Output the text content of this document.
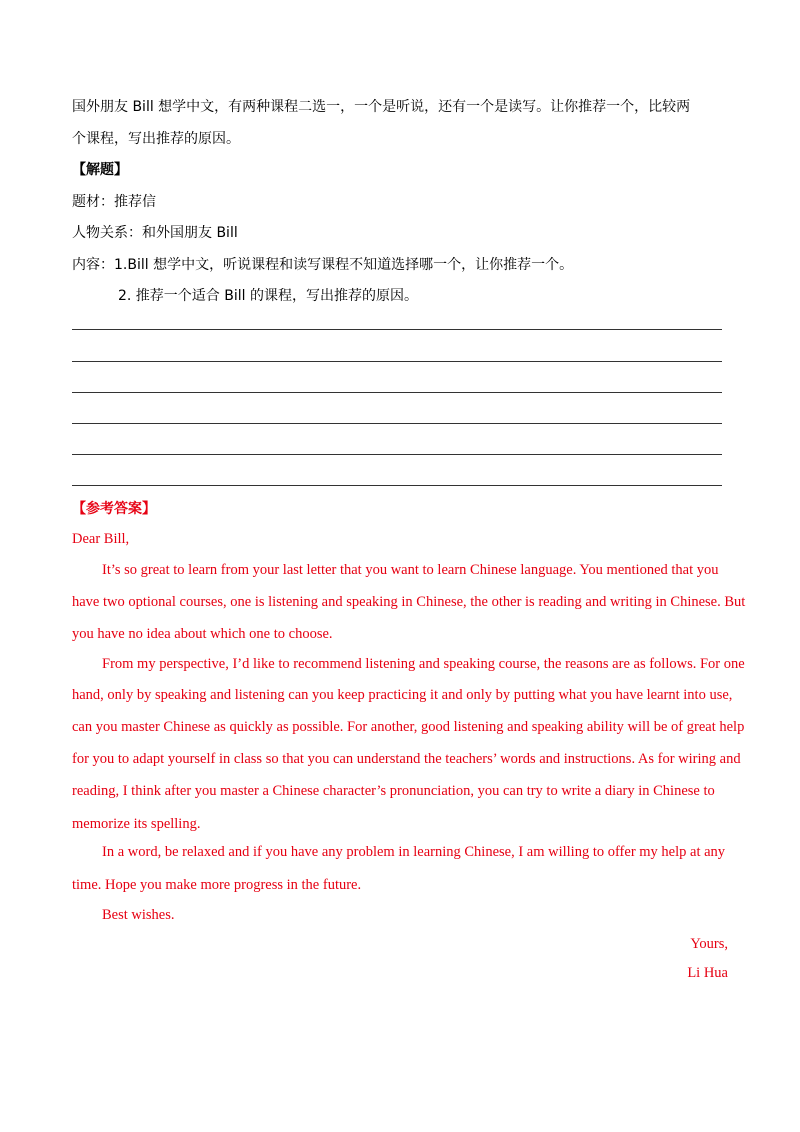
国外朋友 Bill 想学中文，有两种课程二选一，一个是听说，还有一个是读写。让你推荐一个，比较两
个课程，写出推荐的原因。
【解题】
题材：推荐信
人物关系：和外国朋友 Bill
内容：1.Bill 想学中文，听说课程和读写课程不知道选择哪一个，让你推荐一个。
2. 推荐一个适合 Bill 的课程，写出推荐的原因。
【参考答案】
Dear Bill,
It’s so great to learn from your last letter that you want to learn Chinese language. You mentioned that you
have two optional courses, one is listening and speaking in Chinese, the other is reading and writing in Chinese. But
you have no idea about which one to choose.
From my perspective, I’d like to recommend listening and speaking course, the reasons are as follows. For one
hand, only by speaking and listening can you keep practicing it and only by putting what you have learnt into use,
can you master Chinese as quickly as possible. For another, good listening and speaking ability will be of great help
for you to adapt yourself in class so that you can understand the teachers’ words and instructions. As for wiring and
reading, I think after you master a Chinese character’s pronunciation, you can try to write a diary in Chinese to
memorize its spelling.
In a word, be relaxed and if you have any problem in learning Chinese, I am willing to offer my help at any
time. Hope you make more progress in the future.
Best wishes.
Yours,
Li Hua
